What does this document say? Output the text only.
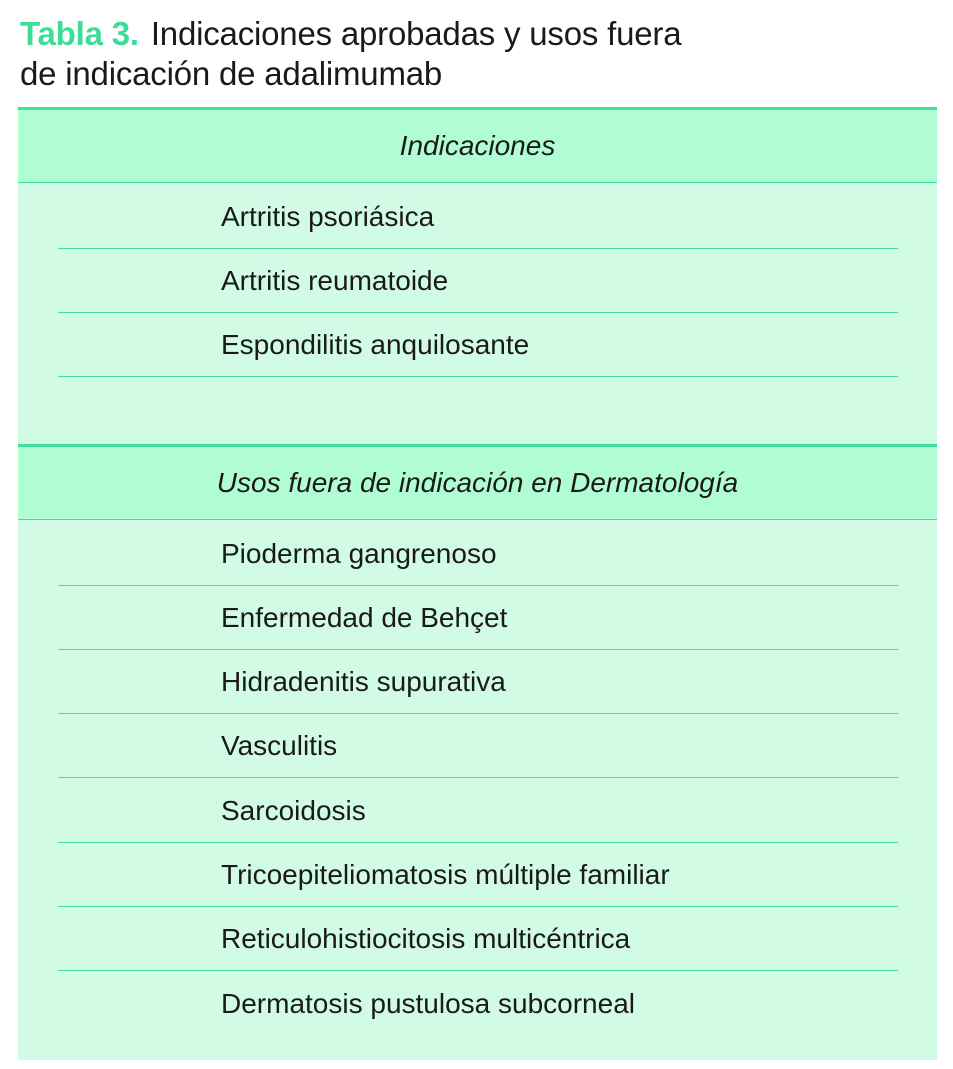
Tabla 3. Indicaciones aprobadas y usos fuera
de indicación de adalimumab
Indicaciones
Artritis psoriásica
Artritis reumatoide
Espondilitis anquilosante
Usos fuera de indicación en Dermatología
Pioderma gangrenoso
Enfermedad de Behçet
Hidradenitis supurativa
Vasculitis
Sarcoidosis
Tricoepiteliomatosis múltiple familiar
Reticulohistiocitosis multicéntrica
Dermatosis pustulosa subcorneal
